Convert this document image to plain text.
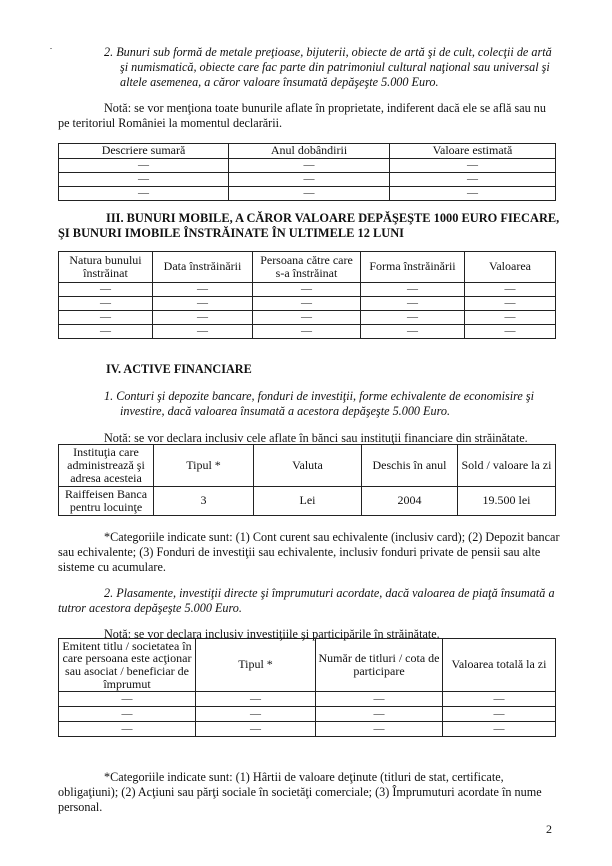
2. Bunuri sub formă de metale preţioase, bijuterii, obiecte de artă şi de cult, colecţii de artă

şi numismatică, obiecte care fac parte din patrimoniul cultural naţional sau universal şi

altele asemenea, a căror valoare însumată depăşeşte 5.000 Euro.

Notă: se vor menţiona toate bunurile aflate în proprietate, indiferent dacă ele se află sau nu

pe teritoriul României la momentul declarării.

Descriere sumară	Anul dobândirii	Valoare estimată
—	—	—
—	—	—
—	—	—

III. BUNURI MOBILE, A CĂROR VALOARE DEPĂŞEŞTE 1000 EURO FIECARE,

ŞI BUNURI IMOBILE ÎNSTRĂINATE ÎN ULTIMELE 12 LUNI

Natura bunului înstrăinat	Data înstrăinării	Persoana către care s-a înstrăinat	Forma înstrăinării	Valoarea
—	—	—	—	—
—	—	—	—	—
—	—	—	—	—
—	—	—	—	—

IV. ACTIVE FINANCIARE

1. Conturi şi depozite bancare, fonduri de investiţii, forme echivalente de economisire şi

investire, dacă valoarea însumată a acestora depăşeşte 5.000 Euro.

Notă: se vor declara inclusiv cele aflate în bănci sau instituţii financiare din străinătate.

Instituţia care administrează şi adresa acesteia	Tipul *	Valuta	Deschis în anul	Sold / valoare la zi
Raiffeisen Banca pentru locuinţe	3	Lei	2004	19.500 lei

*Categoriile indicate sunt: (1) Cont curent sau echivalente (inclusiv card); (2) Depozit bancar

sau echivalente; (3) Fonduri de investiţii sau echivalente, inclusiv fonduri private de pensii sau alte

sisteme cu acumulare.

2. Plasamente, investiţii directe şi împrumuturi acordate, dacă valoarea de piaţă însumată a

tutror acestora depăşeşte 5.000 Euro.

Notă: se vor declara inclusiv investiţiile şi participările în străinătate.

Emitent titlu / societatea în care persoana este acţionar sau asociat / beneficiar de împrumut	Tipul *	Număr de titluri / cota de participare	Valoarea totală la zi
—	—	—	—
—	—	—	—
—	—	—	—

*Categoriile indicate sunt: (1) Hârtii de valoare deţinute (titluri de stat, certificate,

obligaţiuni); (2) Acţiuni sau părţi sociale în societăţi comerciale; (3) Împrumuturi acordate în nume

personal.

2
